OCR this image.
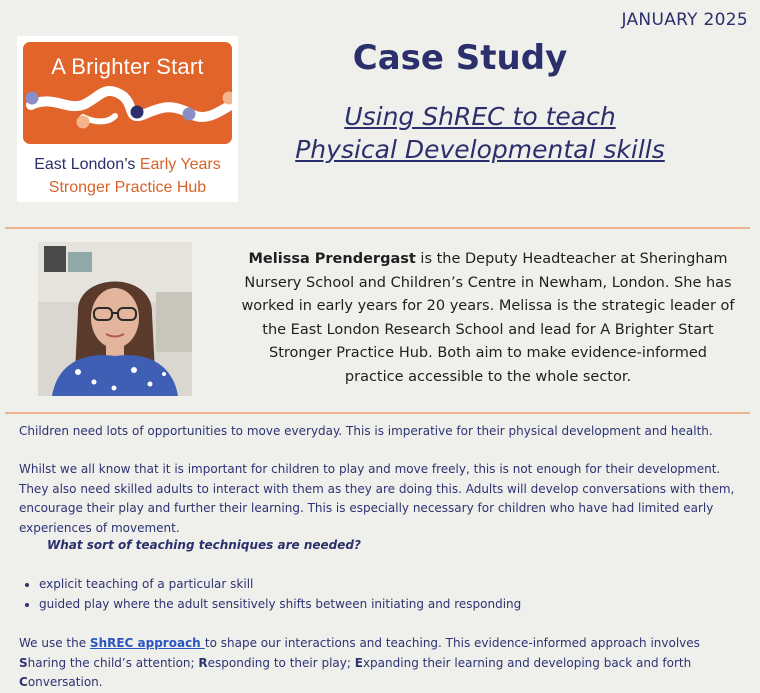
JANUARY 2025
A Brighter Start
East London’s Early Years
Stronger Practice Hub
Case Study
Using ShREC to teach Physical Developmental skills
Melissa Prendergast is the Deputy Headteacher at Sheringham Nursery School and Children’s Centre in Newham, London. She has worked in early years for 20 years. Melissa is the strategic leader of the East London Research School and lead for A Brighter Start Stronger Practice Hub. Both aim to make evidence-informed practice accessible to the whole sector.
Children need lots of opportunities to move everyday. This is imperative for their physical development and health.
Whilst we all know that it is important for children to play and move freely, this is not enough for their development. They also need skilled adults to interact with them as they are doing this. Adults will develop conversations with them, encourage their play and further their learning. This is especially necessary for children who have had limited early experiences of movement.
What sort of teaching techniques are needed?
• explicit teaching of a particular skill
• guided play where the adult sensitively shifts between initiating and responding
We use the ShREC approach to shape our interactions and teaching. This evidence-informed approach involves Sharing the child’s attention; Responding to their play; Expanding their learning and developing back and forth Conversation.
